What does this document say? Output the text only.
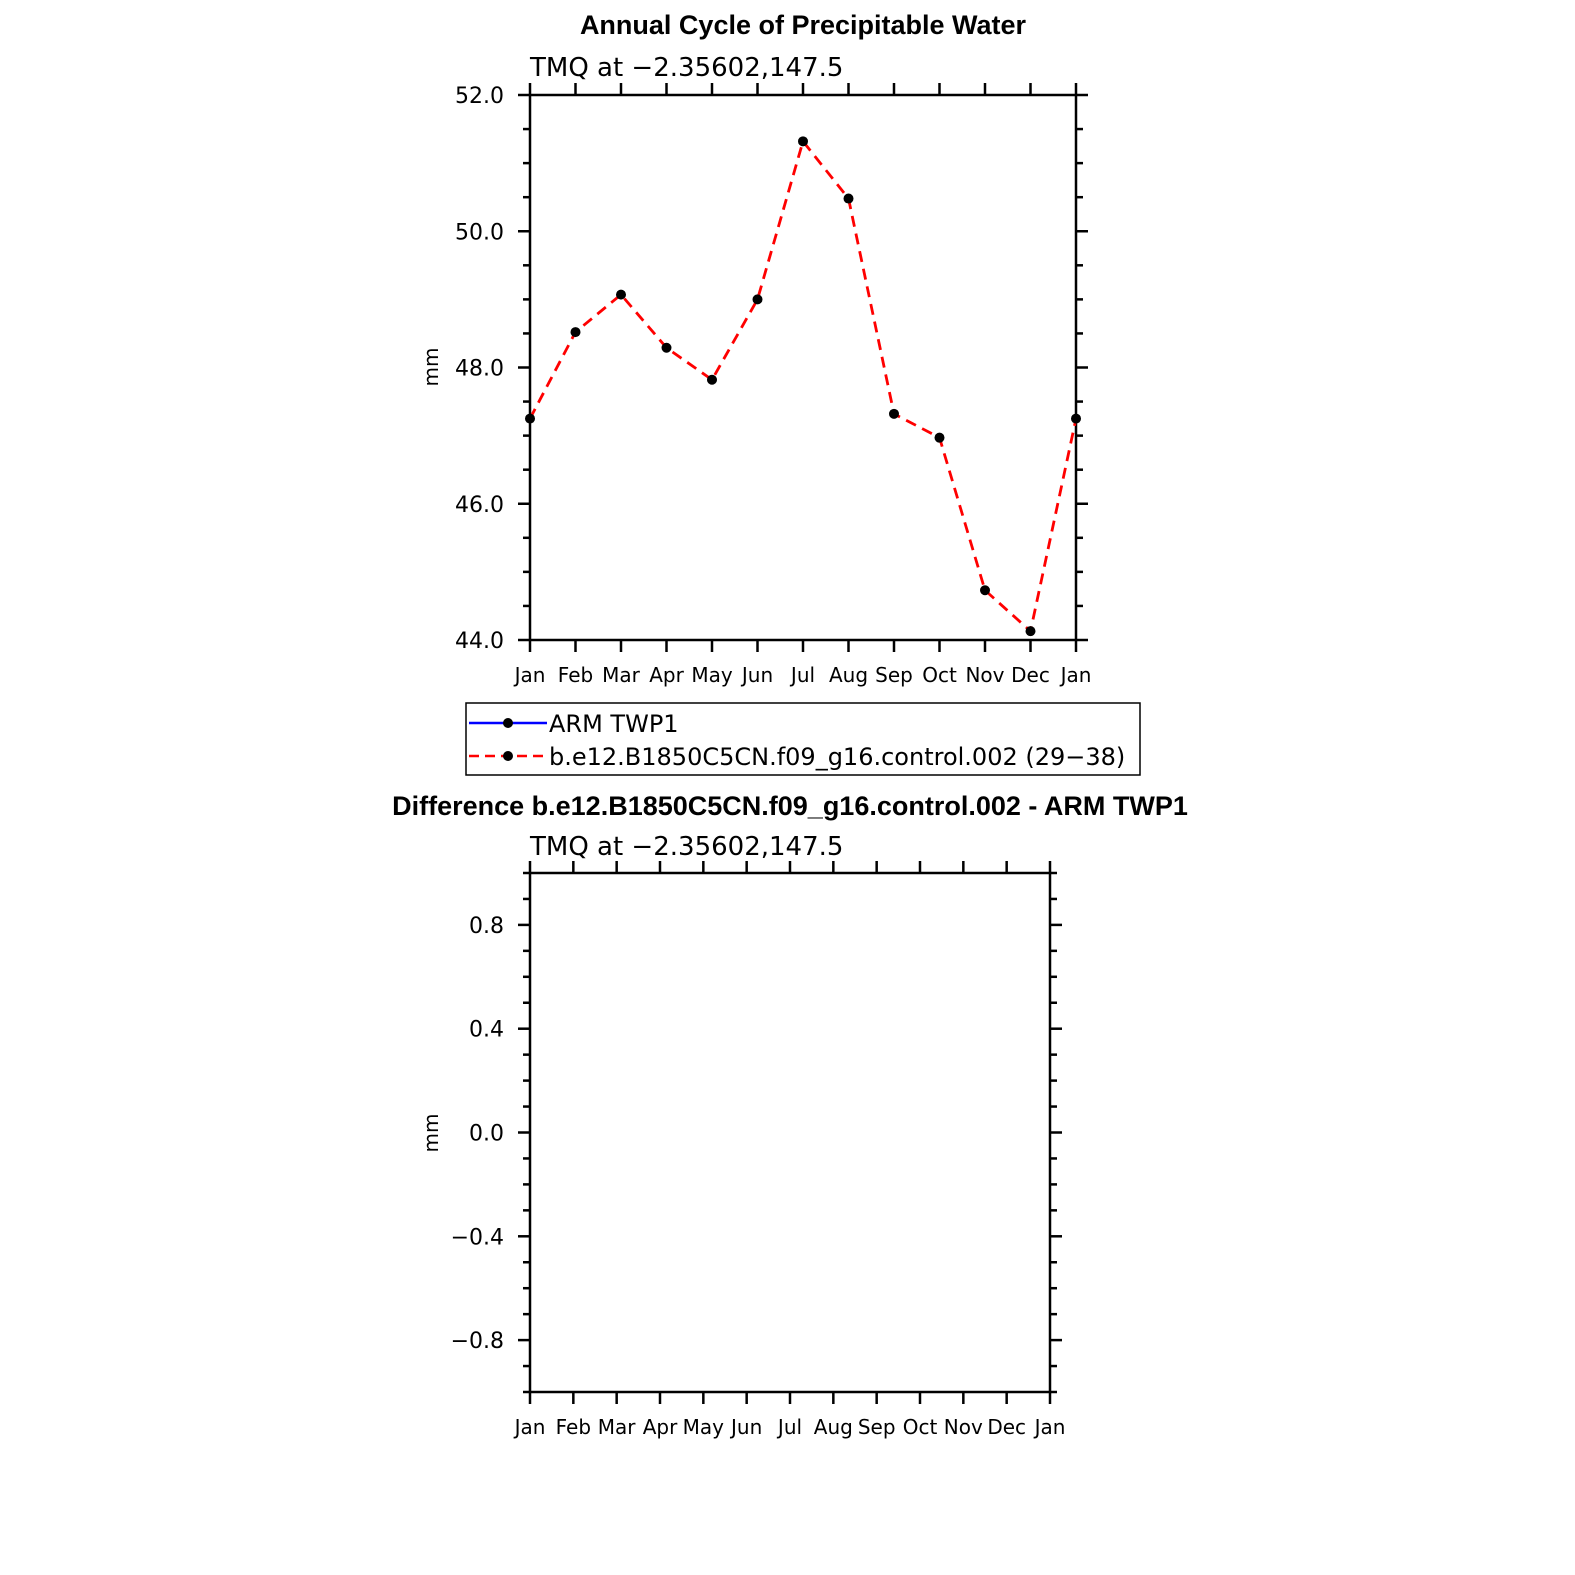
Annual Cycle of Precipitable Water
TMQ at −2.35602,147.5
mm
44.0
46.0
48.0
50.0
52.0
Jan Feb Mar Apr May Jun Jul Aug Sep Oct Nov Dec Jan
ARM TWP1
b.e12.B1850C5CN.f09_g16.control.002 (29−38)
Difference b.e12.B1850C5CN.f09_g16.control.002 - ARM TWP1
TMQ at −2.35602,147.5
mm
−0.8
−0.4
0.0
0.4
0.8
Jan Feb Mar Apr May Jun Jul Aug Sep Oct Nov Dec Jan
